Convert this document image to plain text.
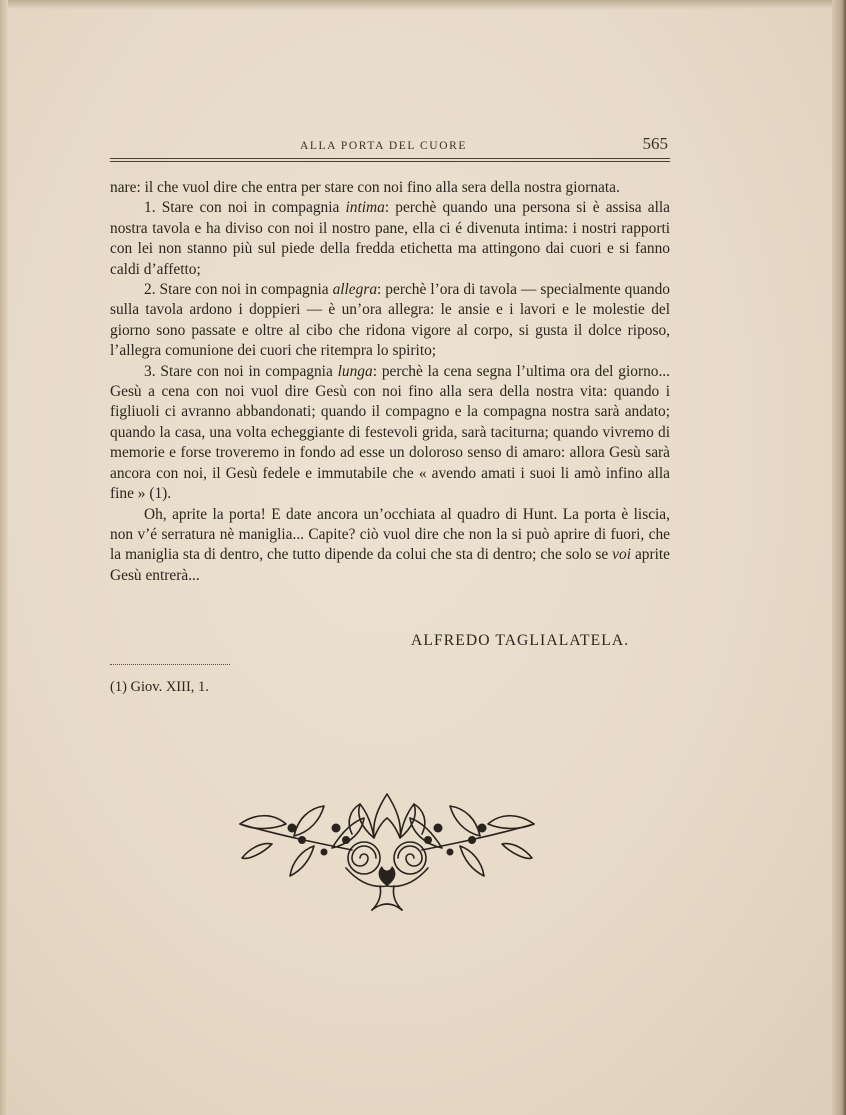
ALLA PORTA DEL CUORE	565

nare: il che vuol dire che entra per stare con noi fino alla sera della nostra giornata.

1. Stare con noi in compagnia intima: perchè quando una persona si è assisa alla nostra tavola e ha diviso con noi il nostro pane, ella ci é divenuta intima: i nostri rapporti con lei non stanno più sul piede della fredda etichetta ma attingono dai cuori e si fanno caldi d’affetto;

2. Stare con noi in compagnia allegra: perchè l’ora di tavola — specialmente quando sulla tavola ardono i doppieri — è un’ora allegra: le ansie e i lavori e le molestie del giorno sono passate e oltre al cibo che ridona vigore al corpo, si gusta il dolce riposo, l’allegra comunione dei cuori che ritempra lo spirito;

3. Stare con noi in compagnia lunga: perchè la cena segna l’ultima ora del giorno... Gesù a cena con noi vuol dire Gesù con noi fino alla sera della nostra vita: quando i figliuoli ci avranno abbandonati; quando il compagno e la compagna nostra sarà andato; quando la casa, una volta echeggiante di festevoli grida, sarà taciturna; quando vivremo di memorie e forse troveremo in fondo ad esse un doloroso senso di amaro: allora Gesù sarà ancora con noi, il Gesù fedele e immutabile che « avendo amati i suoi li amò infino alla fine » (1).

Oh, aprite la porta! E date ancora un’occhiata al quadro di Hunt. La porta è liscia, non v’é serratura nè maniglia... Capite? ciò vuol dire che non la si può aprire di fuori, che la maniglia sta di dentro, che tutto dipende da colui che sta di dentro; che solo se voi aprite Gesù entrerà...

ALFREDO TAGLIALATELA.
(1) Giov. XIII, 1.
